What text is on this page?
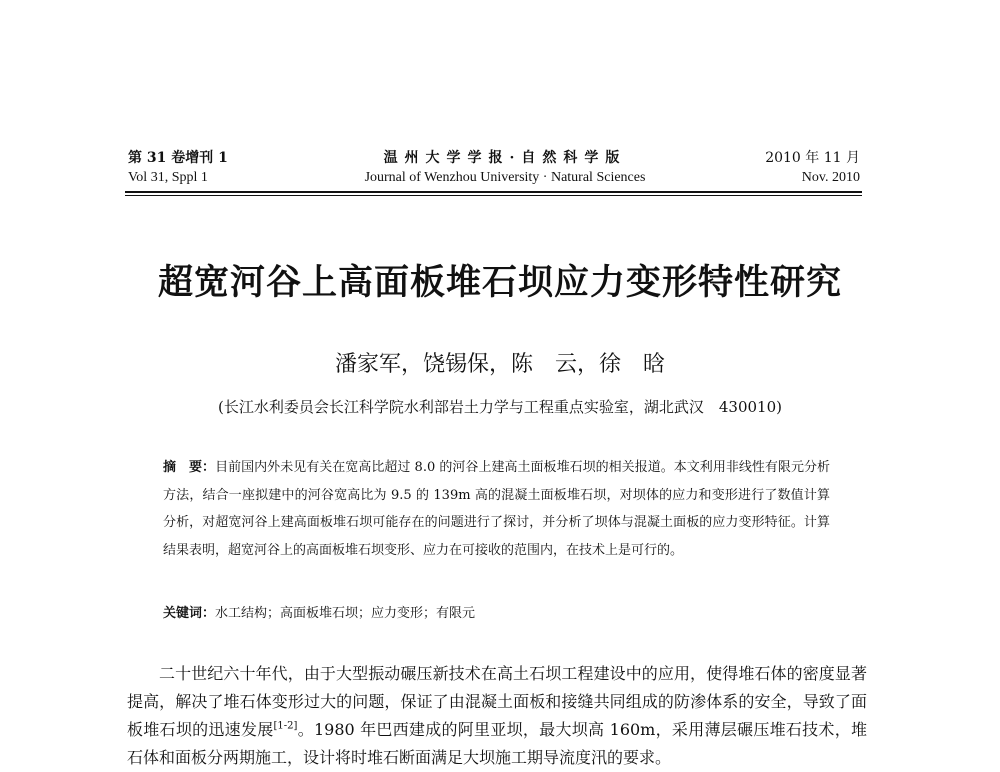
第 31 卷增刊 1
Vol 31, Sppl 1
温州大学学报·自然科学版
Journal of Wenzhou University · Natural Sciences
2010 年 11 月
Nov. 2010
超宽河谷上高面板堆石坝应力变形特性研究
潘家军，饶锡保，陈　云，徐　晗
(长江水利委员会长江科学院水利部岩土力学与工程重点实验室，湖北武汉　430010)
摘　要：目前国内外未见有关在宽高比超过 8.0 的河谷上建高土面板堆石坝的相关报道。本文利用非线性有限元分析方法，结合一座拟建中的河谷宽高比为 9.5 的 139m 高的混凝土面板堆石坝，对坝体的应力和变形进行了数值计算分析，对超宽河谷上建高面板堆石坝可能存在的问题进行了探讨，并分析了坝体与混凝土面板的应力变形特征。计算结果表明，超宽河谷上的高面板堆石坝变形、应力在可接收的范围内，在技术上是可行的。
关键词：水工结构；高面板堆石坝；应力变形；有限元
二十世纪六十年代，由于大型振动碾压新技术在高土石坝工程建设中的应用，使得堆石体的密度显著提高，解决了堆石体变形过大的问题，保证了由混凝土面板和接缝共同组成的防渗体系的安全，导致了面板堆石坝的迅速发展[1-2]。1980 年巴西建成的阿里亚坝，最大坝高 160m，采用薄层碾压堆石技术，堆石体和面板分两期施工，设计将时堆石断面满足大坝施工期导流度汛的要求。
